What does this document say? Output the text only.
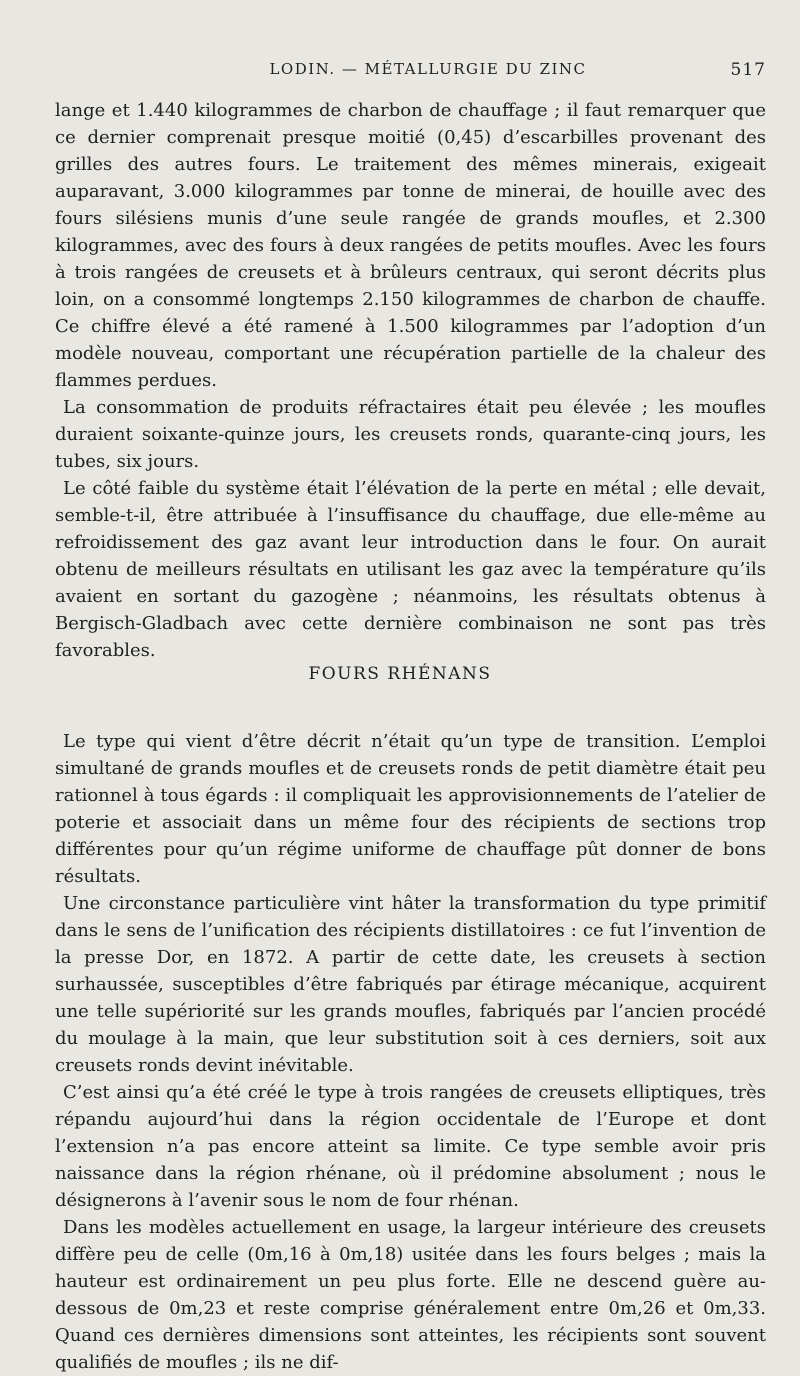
LODIN. — MÉTALLURGIE DU ZINC	517

lange et 1.440 kilogrammes de charbon de chauffage ; il faut remarquer que ce dernier comprenait presque moitié (0,45) d’escarbilles provenant des grilles des autres fours. Le traitement des mêmes minerais, exigeait auparavant, 3.000 kilogrammes par tonne de minerai, de houille avec des fours silésiens munis d’une seule rangée de grands moufles, et 2.300 kilogrammes, avec des fours à deux rangées de petits moufles. Avec les fours à trois rangées de creusets et à brûleurs centraux, qui seront décrits plus loin, on a consommé longtemps 2.150 kilogrammes de charbon de chauffe. Ce chiffre élevé a été ramené à 1.500 kilogrammes par l’adoption d’un modèle nouveau, comportant une récupération partielle de la chaleur des flammes perdues.

La consommation de produits réfractaires était peu élevée ; les moufles duraient soixante-quinze jours, les creusets ronds, quarante-cinq jours, les tubes, six jours.

Le côté faible du système était l’élévation de la perte en métal ; elle devait, semble-t-il, être attribuée à l’insuffisance du chauffage, due elle-même au refroidissement des gaz avant leur introduction dans le four. On aurait obtenu de meilleurs résultats en utilisant les gaz avec la température qu’ils avaient en sortant du gazogène ; néanmoins, les résultats obtenus à Bergisch-Gladbach avec cette dernière combinaison ne sont pas très favorables.

FOURS RHÉNANS

Le type qui vient d’être décrit n’était qu’un type de transition. L’emploi simultané de grands moufles et de creusets ronds de petit diamètre était peu rationnel à tous égards : il compliquait les approvisionnements de l’atelier de poterie et associait dans un même four des récipients de sections trop différentes pour qu’un régime uniforme de chauffage pût donner de bons résultats.

Une circonstance particulière vint hâter la transformation du type primitif dans le sens de l’unification des récipients distillatoires : ce fut l’invention de la presse Dor, en 1872. A partir de cette date, les creusets à section surhaussée, susceptibles d’être fabriqués par étirage mécanique, acquirent une telle supériorité sur les grands moufles, fabriqués par l’ancien procédé du moulage à la main, que leur substitution soit à ces derniers, soit aux creusets ronds devint inévitable.

C’est ainsi qu’a été créé le type à trois rangées de creusets elliptiques, très répandu aujourd’hui dans la région occidentale de l’Europe et dont l’extension n’a pas encore atteint sa limite. Ce type semble avoir pris naissance dans la région rhénane, où il prédomine absolument ; nous le désignerons à l’avenir sous le nom de four rhénan.

Dans les modèles actuellement en usage, la largeur intérieure des creusets diffère peu de celle (0m,16 à 0m,18) usitée dans les fours belges ; mais la hauteur est ordinairement un peu plus forte. Elle ne descend guère au-dessous de 0m,23 et reste comprise généralement entre 0m,26 et 0m,33. Quand ces dernières dimensions sont atteintes, les récipients sont souvent qualifiés de moufles ; ils ne dif-
